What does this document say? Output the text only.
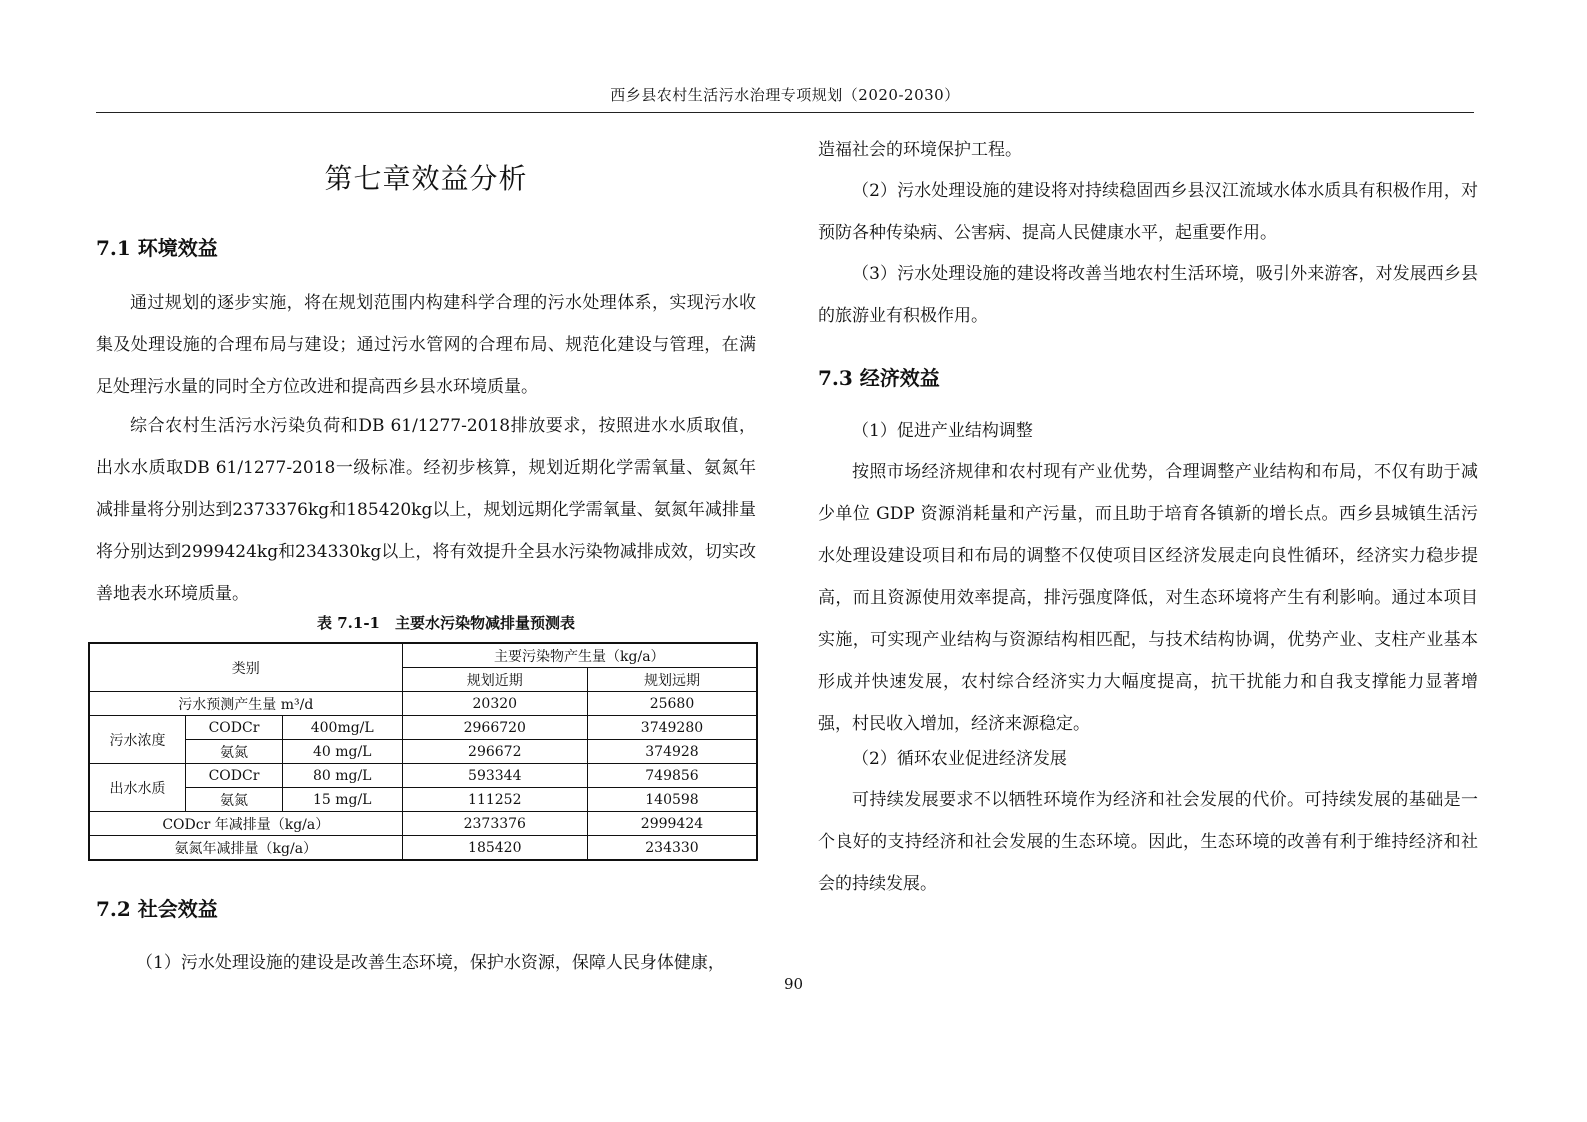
西乡县农村生活污水治理专项规划（2020-2030）
第七章效益分析
7.1 环境效益

通过规划的逐步实施，将在规划范围内构建科学合理的污水处理体系，实现污水收集及处理设施的合理布局与建设；通过污水管网的合理布局、规范化建设与管理，在满足处理污水量的同时全方位改进和提高西乡县水环境质量。

综合农村生活污水污染负荷和DB 61/1277-2018排放要求，按照进水水质取值，出水水质取DB 61/1277-2018一级标准。经初步核算，规划近期化学需氧量、氨氮年减排量将分别达到2373376kg和185420kg以上，规划远期化学需氧量、氨氮年减排量将分别达到2999424kg和234330kg以上，将有效提升全县水污染物减排成效，切实改善地表水环境质量。

表 7.1-1　主要水污染物减排量预测表
类别			主要污染物产生量（kg/a）	
			规划近期	规划远期
污水预测产生量 m³/d			20320	25680
污水浓度	CODCr	400mg/L	2966720	3749280
	氨氮	40 mg/L	296672	374928
出水水质	CODCr	80 mg/L	593344	749856
	氨氮	15 mg/L	111252	140598
CODcr 年减排量（kg/a）			2373376	2999424
氨氮年减排量（kg/a）			185420	234330
7.2 社会效益

（1）污水处理设施的建设是改善生态环境，保护水资源，保障人民身体健康，

造福社会的环境保护工程。

（2）污水处理设施的建设将对持续稳固西乡县汉江流域水体水质具有积极作用，对预防各种传染病、公害病、提高人民健康水平，起重要作用。

（3）污水处理设施的建设将改善当地农村生活环境，吸引外来游客，对发展西乡县的旅游业有积极作用。

7.3 经济效益

（1）促进产业结构调整

按照市场经济规律和农村现有产业优势，合理调整产业结构和布局，不仅有助于减少单位 GDP 资源消耗量和产污量，而且助于培育各镇新的增长点。西乡县城镇生活污水处理设建设项目和布局的调整不仅使项目区经济发展走向良性循环，经济实力稳步提高，而且资源使用效率提高，排污强度降低，对生态环境将产生有利影响。通过本项目实施，可实现产业结构与资源结构相匹配，与技术结构协调，优势产业、支柱产业基本形成并快速发展，农村综合经济实力大幅度提高，抗干扰能力和自我支撑能力显著增强，村民收入增加，经济来源稳定。

（2）循环农业促进经济发展

可持续发展要求不以牺牲环境作为经济和社会发展的代价。可持续发展的基础是一个良好的支持经济和社会发展的生态环境。因此，生态环境的改善有利于维持经济和社会的持续发展。

90
